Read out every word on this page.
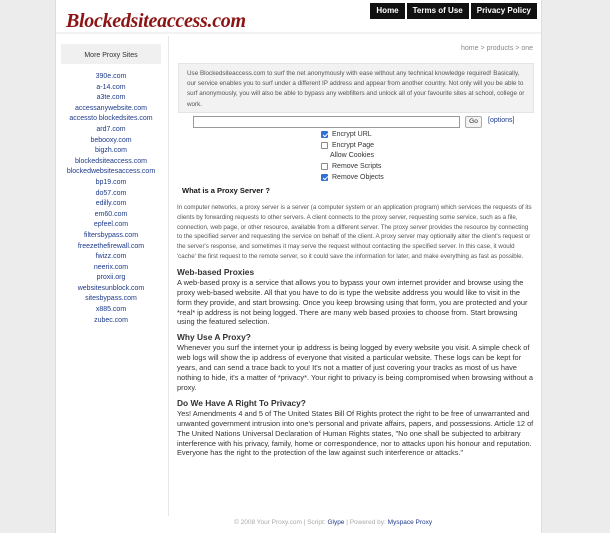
Blockedsiteaccess.com	Home	Terms of Use	Privacy Policy
More Proxy Sites
390e.com
a-14.com
a3te.com
accessanywebsite.com
accessto blockedsites.com
ard7.com
bebooxy.com
bigzh.com
blockedsiteaccess.com
blockedwebsitesaccess.com
bp19.com
do57.com
edilly.com
em60.com
epfeel.com
filtersbypass.com
freezethefirewall.com
fwizz.com
neerix.com
proxii.org
websitesunblock.com
sitesbypass.com
x885.com
zubec.com
home > products > one
Use Blockedsiteaccess.com to surf the net anonymously with ease without any technical knowledge required! Basically, our service enables you to surf under a different IP address and appear from another country. Not only will you be able to surf anonymously, you will also be able to bypass any webfilters and unlock all of your favourite sites at school, college or work.
Go	[options]
Encrypt URL
Encrypt Page
Allow Cookies
Remove Scripts
Remove Objects
What is a Proxy Server ?

In computer networks, a proxy server is a server (a computer system or an application program) which services the requests of its clients by forwarding requests to other servers. A client connects to the proxy server, requesting some service, such as a file, connection, web page, or other resource, available from a different server. The proxy server provides the resource by connecting to the specified server and requesting the service on behalf of the client. A proxy server may optionally alter the client's request or the server's response, and sometimes it may serve the request without contacting the specified server. In this case, it would 'cache' the first request to the remote server, so it could save the information for later, and make everything as fast as possible.

Web-based Proxies

A web-based proxy is a service that allows you to bypass your own internet provider and browse using the proxy web-based website. All that you have to do is type the website address you would like to visit in the form they provide, and start browsing. Once you keep browsing using that form, you are protected and your *real* ip address is not being logged. There are many web based proxies to choose from. Start browsing using the featured selection.

Why Use A Proxy?

Whenever you surf the internet your ip address is being logged by every website you visit. A simple check of web logs will show the ip address of everyone that visited a particular website. These logs can be kept for years, and can send a trace back to you! It's not a matter of just covering your tracks as most of us have nothing to hide, it's a matter of *privacy*. Your right to privacy is being compromised when browsing without a proxy.

Do We Have A Right To Privacy?

Yes! Amendments 4 and 5 of The United States Bill Of Rights protect the right to be free of unwarranted and unwanted government intrusion into one's personal and private affairs, papers, and possessions. Article 12 of The United Nations Universal Declaration of Human Rights states, "No one shall be subjected to arbitrary interference with his privacy, family, home or correspondence, nor to attacks upon his honour and reputation. Everyone has the right to the protection of the law against such interference or attacks."

© 2008 Your Proxy.com | Script: Glype | Powered by: Myspace Proxy
